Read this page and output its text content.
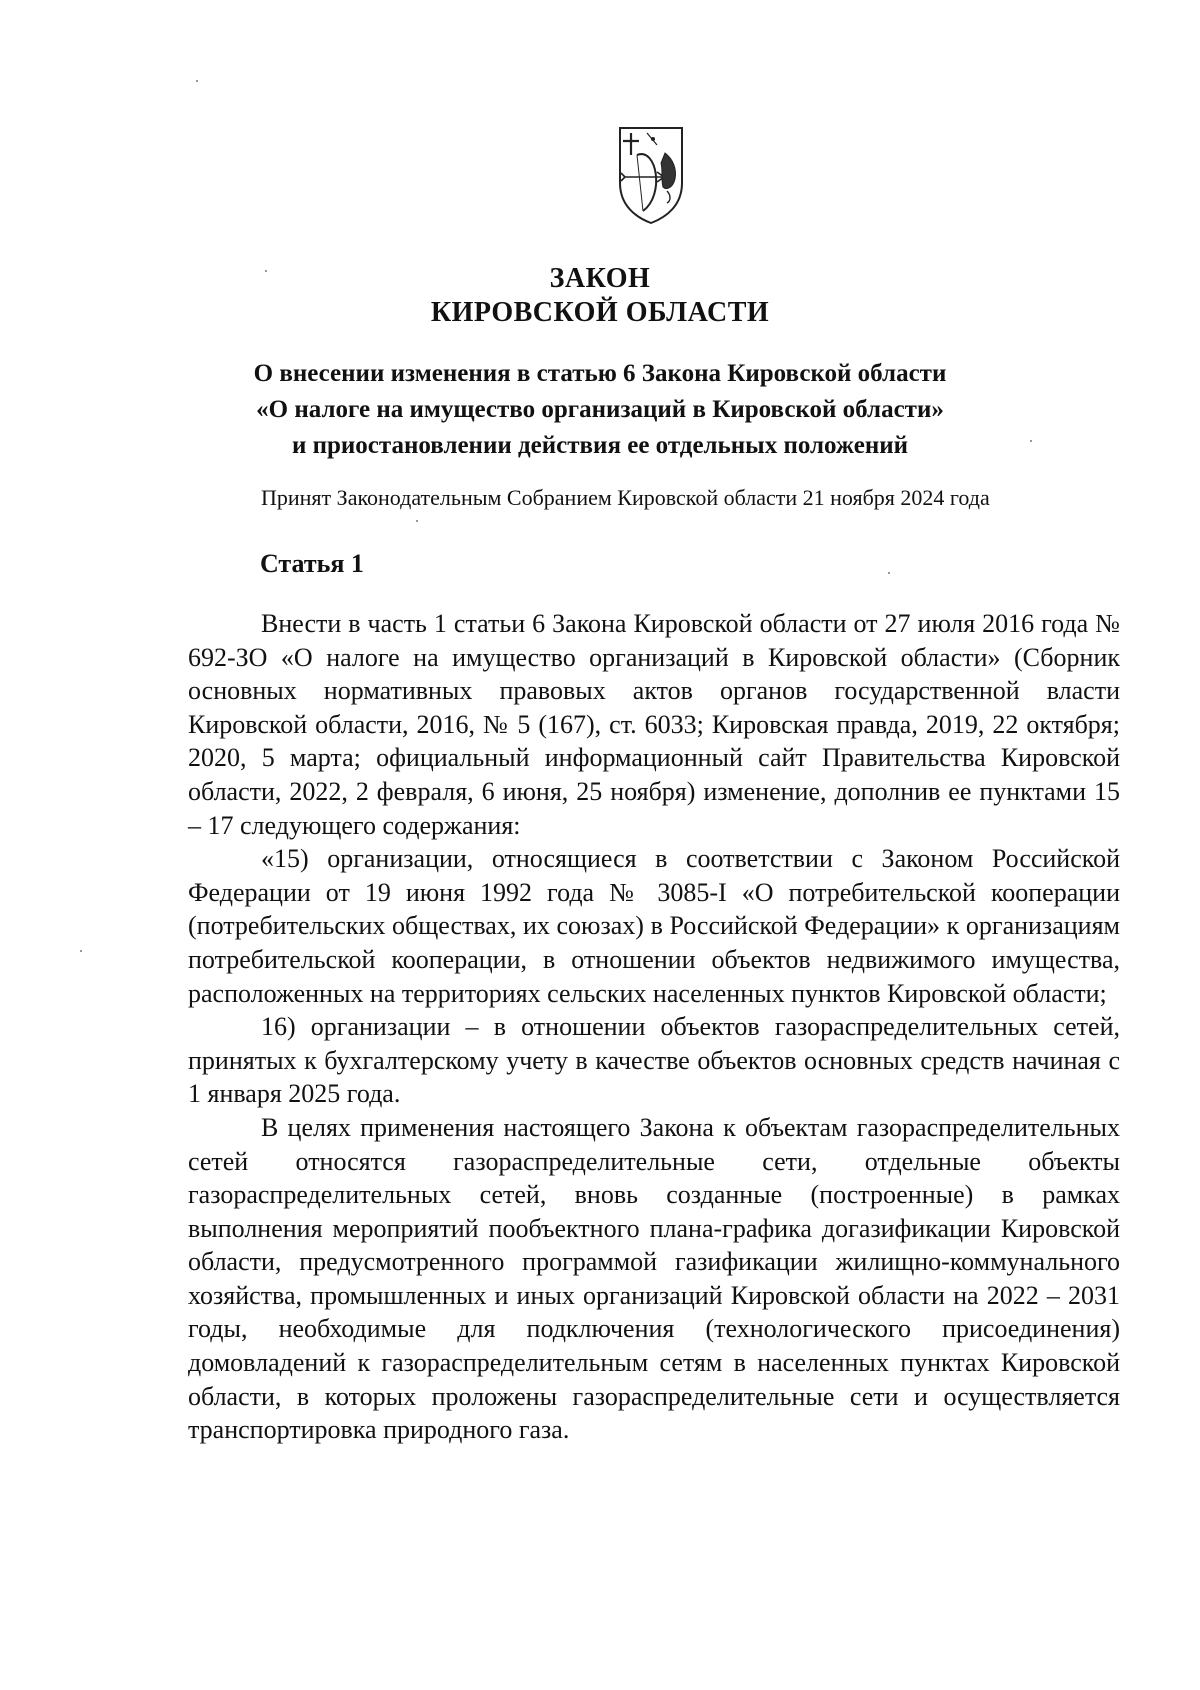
ЗАКОН
КИРОВСКОЙ ОБЛАСТИ
О внесении изменения в статью 6 Закона Кировской области
«О налоге на имущество организаций в Кировской области»
и приостановлении действия ее отдельных положений
Принят Законодательным Собранием Кировской области 21 ноября 2024 года
Статья 1

Внести в часть 1 статьи 6 Закона Кировской области от 27 июля 2016 года № 692-ЗО «О налоге на имущество организаций в Кировской области» (Сборник основных нормативных правовых актов органов государственной власти Кировской области, 2016, № 5 (167), ст. 6033; Кировская правда, 2019, 22 октября; 2020, 5 марта; официальный информационный сайт Правительства Кировской области, 2022, 2 февраля, 6 июня, 25 ноября) изменение, дополнив ее пунктами 15 – 17 следующего содержания:

«15) организации, относящиеся в соответствии с Законом Российской Федерации от 19 июня 1992 года № 3085-I «О потребительской кооперации (потребительских обществах, их союзах) в Российской Федерации» к организациям потребительской кооперации, в отношении объектов недвижимого имущества, расположенных на территориях сельских населенных пунктов Кировской области;

16) организации – в отношении объектов газораспределительных сетей, принятых к бухгалтерскому учету в качестве объектов основных средств начиная с 1 января 2025 года.

В целях применения настоящего Закона к объектам газораспределительных сетей относятся газораспределительные сети, отдельные объекты газораспределительных сетей, вновь созданные (построенные) в рамках выполнения мероприятий пообъектного плана-графика догазификации Кировской области, предусмотренного программой газификации жилищно-коммунального хозяйства, промышленных и иных организаций Кировской области на 2022 – 2031 годы, необходимые для подключения (технологического присоединения) домовладений к газораспределительным сетям в населенных пунктах Кировской области, в которых проложены газораспределительные сети и осуществляется транспортировка природного газа.
